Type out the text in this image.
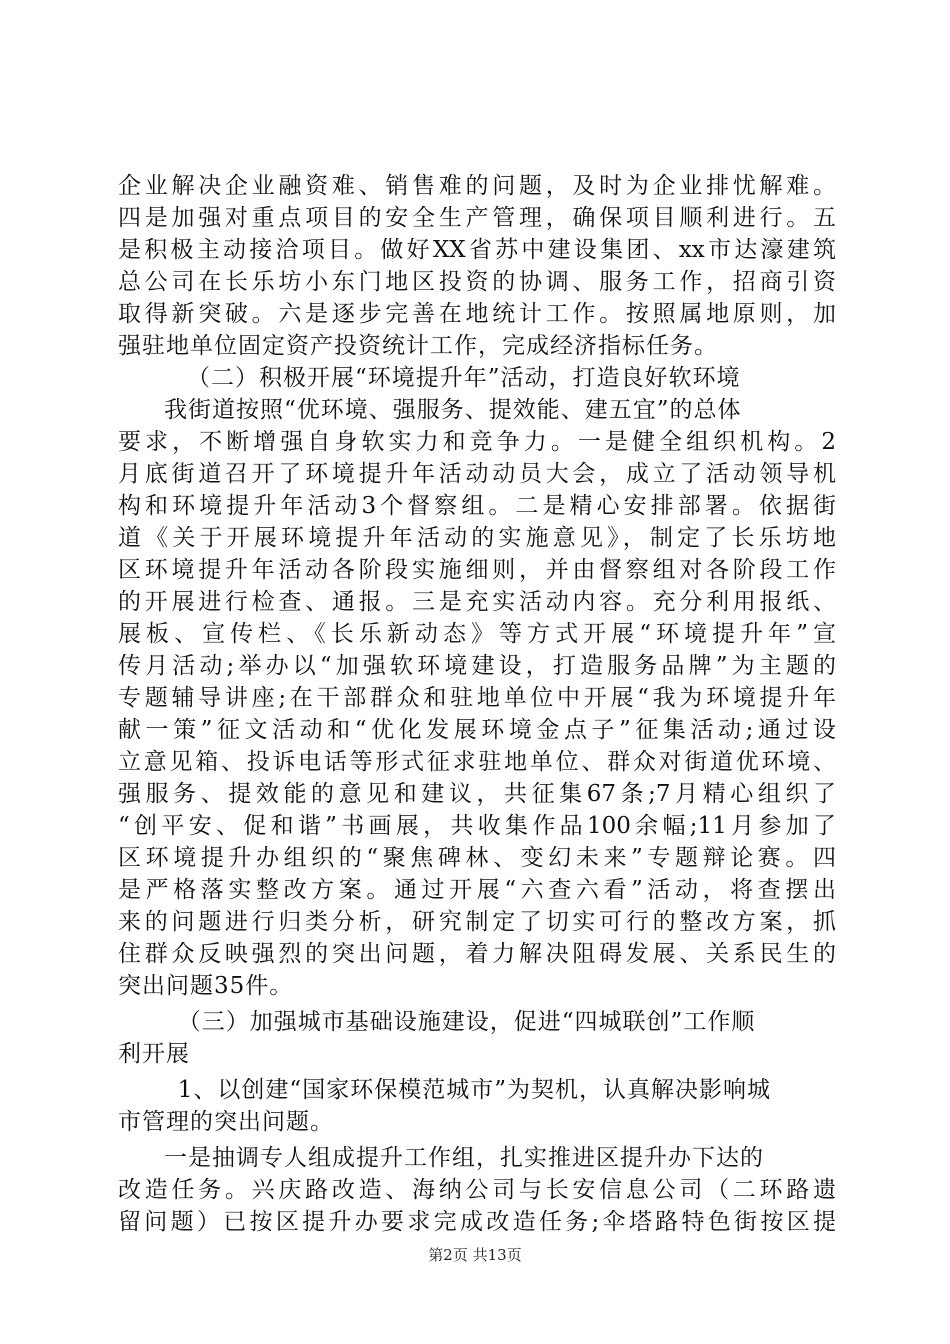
企业解决企业融资难、销售难的问题，及时为企业排忧解难。
四是加强对重点项目的安全生产管理，确保项目顺利进行。五
是积极主动接洽项目。做好XX省苏中建设集团、xx市达濠建筑
总公司在长乐坊小东门地区投资的协调、服务工作，招商引资
取得新突破。六是逐步完善在地统计工作。按照属地原则，加
强驻地单位固定资产投资统计工作，完成经济指标任务。
（二）积极开展“环境提升年”活动，打造良好软环境
我街道按照“优环境、强服务、提效能、建五宜”的总体
要求，不断增强自身软实力和竞争力。一是健全组织机构。2
月底街道召开了环境提升年活动动员大会，成立了活动领导机
构和环境提升年活动3个督察组。二是精心安排部署。依据街
道《关于开展环境提升年活动的实施意见》，制定了长乐坊地
区环境提升年活动各阶段实施细则，并由督察组对各阶段工作
的开展进行检查、通报。三是充实活动内容。充分利用报纸、
展板、宣传栏、《长乐新动态》等方式开展“环境提升年”宣
传月活动;举办以“加强软环境建设，打造服务品牌”为主题的
专题辅导讲座;在干部群众和驻地单位中开展“我为环境提升年
献一策”征文活动和“优化发展环境金点子”征集活动;通过设
立意见箱、投诉电话等形式征求驻地单位、群众对街道优环境、
强服务、提效能的意见和建议，共征集67条;7月精心组织了
“创平安、促和谐”书画展，共收集作品100余幅;11月参加了
区环境提升办组织的“聚焦碑林、变幻未来”专题辩论赛。四
是严格落实整改方案。通过开展“六查六看”活动，将查摆出
来的问题进行归类分析，研究制定了切实可行的整改方案，抓
住群众反映强烈的突出问题，着力解决阻碍发展、关系民生的
突出问题35件。
（三）加强城市基础设施建设，促进“四城联创”工作顺
利开展
1、以创建“国家环保模范城市”为契机，认真解决影响城
市管理的突出问题。
一是抽调专人组成提升工作组，扎实推进区提升办下达的
改造任务。兴庆路改造、海纳公司与长安信息公司（二环路遗
留问题）已按区提升办要求完成改造任务;伞塔路特色街按区提
第2页 共13页
